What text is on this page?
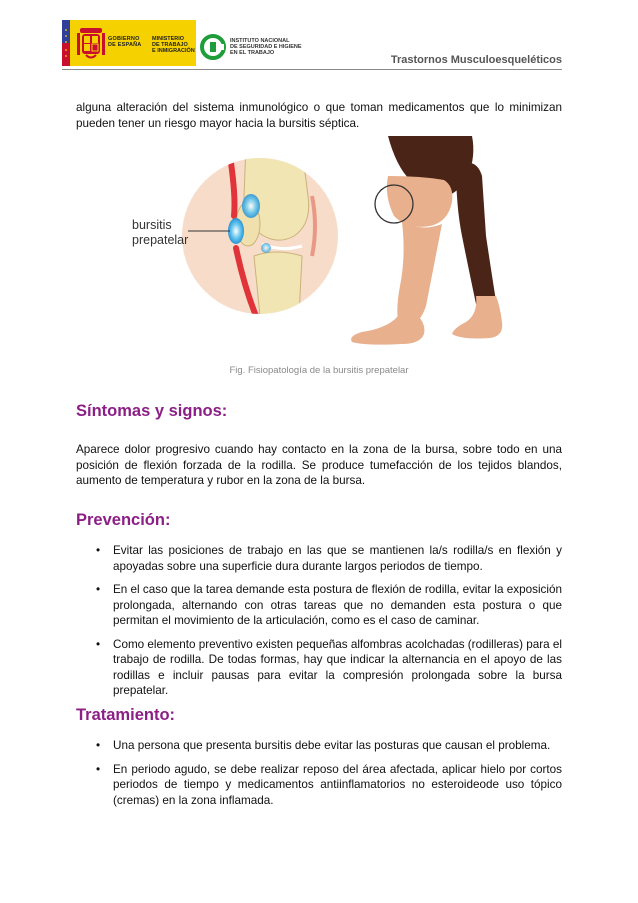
GOBIERNO
DE ESPAÑA
MINISTERIO
DE TRABAJO
E INMIGRACIÓN
INSTITUTO NACIONAL
DE SEGURIDAD E HIGIENE
EN EL TRABAJO
Trastornos Musculoesqueléticos

alguna alteración del sistema inmunológico o que toman medicamentos que lo minimizan pueden tener un riesgo mayor hacia la bursitis séptica.

bursitis
prepatelar
Fig. Fisiopatología de la bursitis prepatelar
Síntomas y signos:

Aparece dolor progresivo cuando hay contacto en la zona de la bursa, sobre todo en una posición de flexión forzada de la rodilla. Se produce tumefacción de los tejidos blandos, aumento de temperatura y rubor en la zona de la bursa.

Prevención:
• Evitar las posiciones de trabajo en las que se mantienen la/s rodilla/s en flexión y apoyadas sobre una superficie dura durante largos periodos de tiempo.
• En el caso que la tarea demande esta postura de flexión de rodilla, evitar la exposición prolongada, alternando con otras tareas que no demanden esta postura o que permitan el movimiento de la articulación, como es el caso de caminar.
• Como elemento preventivo existen pequeñas alfombras acolchadas (rodilleras) para el trabajo de rodilla. De todas formas, hay que indicar la alternancia en el apoyo de las rodillas e incluir pausas para evitar la compresión prolongada sobre la bursa prepatelar.
Tratamiento:
• Una persona que presenta bursitis debe evitar las posturas que causan el problema.
• En periodo agudo, se debe realizar reposo del área afectada, aplicar hielo por cortos periodos de tiempo y medicamentos antiinflamatorios no esteroideode uso tópico (cremas) en la zona inflamada.
